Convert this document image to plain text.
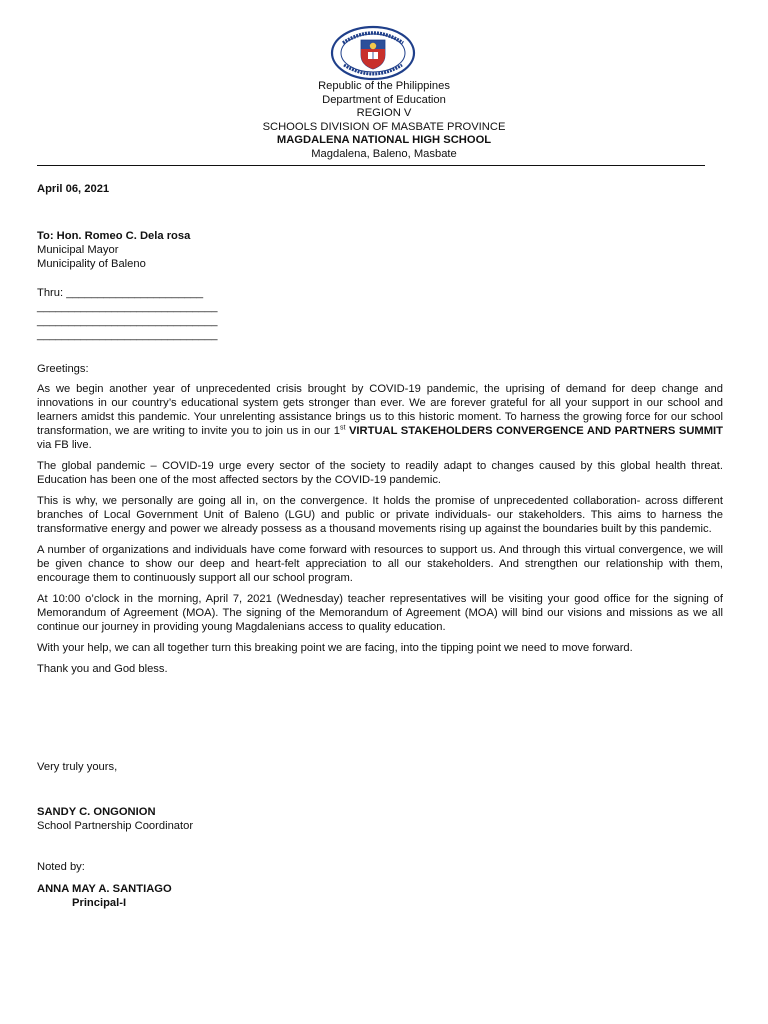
Republic of the Philippines
Department of Education
REGION V
SCHOOLS DIVISION OF MASBATE PROVINCE
MAGDALENA NATIONAL HIGH SCHOOL
Magdalena, Baleno, Masbate
April 06, 2021
To: Hon. Romeo C. Dela rosa
Municipal Mayor
Municipality of Baleno
Thru: ______________________
_____________________________
_____________________________
_____________________________
Greetings:

As we begin another year of unprecedented crisis brought by COVID-19 pandemic, the uprising of demand for deep change and innovations in our country’s educational system gets stronger than ever. We are forever grateful for all your support in our school and learners amidst this pandemic. Your unrelenting assistance brings us to this historic moment. To harness the growing force for our school transformation, we are writing to invite you to join us in our 1st VIRTUAL STAKEHOLDERS CONVERGENCE AND PARTNERS SUMMIT via FB live.

The global pandemic – COVID-19 urge every sector of the society to readily adapt to changes caused by this global health threat. Education has been one of the most affected sectors by the COVID-19 pandemic.

This is why, we personally are going all in, on the convergence. It holds the promise of unprecedented collaboration- across different branches of Local Government Unit of Baleno (LGU) and public or private individuals- our stakeholders. This aims to harness the transformative energy and power we already possess as a thousand movements rising up against the boundaries built by this pandemic.

A number of organizations and individuals have come forward with resources to support us. And through this virtual convergence, we will be given chance to show our deep and heart-felt appreciation to all our stakeholders. And strengthen our relationship with them, encourage them to continuously support all our school program.

At 10:00 o’clock in the morning, April 7, 2021 (Wednesday) teacher representatives will be visiting your good office for the signing of Memorandum of Agreement (MOA). The signing of the Memorandum of Agreement (MOA) will bind our visions and missions as we all continue our journey in providing young Magdalenians access to quality education.

With your help, we can all together turn this breaking point we are facing, into the tipping point we need to move forward.

Thank you and God bless.

Very truly yours,
SANDY C. ONGONION
School Partnership Coordinator
Noted by:
ANNA MAY A. SANTIAGO
Principal-I
